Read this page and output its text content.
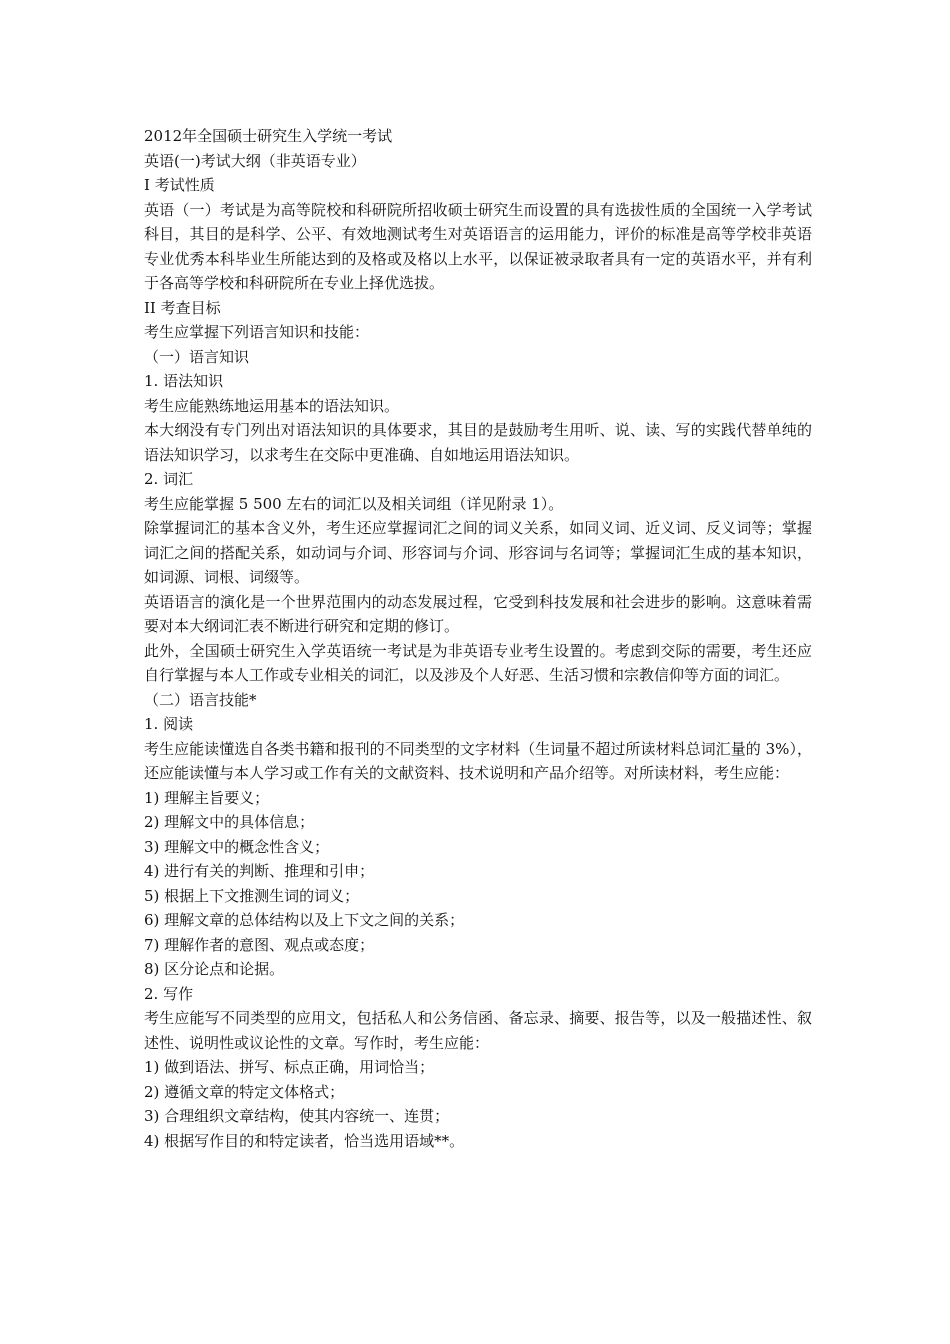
2012年全国硕士研究生入学统一考试

英语(一)考试大纲（非英语专业）

I 考试性质

英语（一）考试是为高等院校和科研院所招收硕士研究生而设置的具有选拔性质的全国统一入学考试科目，其目的是科学、公平、有效地测试考生对英语语言的运用能力，评价的标准是高等学校非英语专业优秀本科毕业生所能达到的及格或及格以上水平，以保证被录取者具有一定的英语水平，并有利于各高等学校和科研院所在专业上择优选拔。

II 考查目标

考生应掌握下列语言知识和技能：

（一）语言知识

1. 语法知识

考生应能熟练地运用基本的语法知识。

本大纲没有专门列出对语法知识的具体要求，其目的是鼓励考生用听、说、读、写的实践代替单纯的语法知识学习，以求考生在交际中更准确、自如地运用语法知识。

2. 词汇

考生应能掌握 5 500 左右的词汇以及相关词组（详见附录 1）。

除掌握词汇的基本含义外，考生还应掌握词汇之间的词义关系，如同义词、近义词、反义词等；掌握词汇之间的搭配关系，如动词与介词、形容词与介词、形容词与名词等；掌握词汇生成的基本知识，如词源、词根、词缀等。

英语语言的演化是一个世界范围内的动态发展过程，它受到科技发展和社会进步的影响。这意味着需要对本大纲词汇表不断进行研究和定期的修订。

此外，全国硕士研究生入学英语统一考试是为非英语专业考生设置的。考虑到交际的需要，考生还应自行掌握与本人工作或专业相关的词汇，以及涉及个人好恶、生活习惯和宗教信仰等方面的词汇。

（二）语言技能*

1. 阅读

考生应能读懂选自各类书籍和报刊的不同类型的文字材料（生词量不超过所读材料总词汇量的 3%），还应能读懂与本人学习或工作有关的文献资料、技术说明和产品介绍等。对所读材料，考生应能：

1) 理解主旨要义；

2) 理解文中的具体信息；

3) 理解文中的概念性含义；

4) 进行有关的判断、推理和引申；

5) 根据上下文推测生词的词义；

6) 理解文章的总体结构以及上下文之间的关系；

7) 理解作者的意图、观点或态度；

8) 区分论点和论据。

2. 写作

考生应能写不同类型的应用文，包括私人和公务信函、备忘录、摘要、报告等，以及一般描述性、叙述性、说明性或议论性的文章。写作时，考生应能：

1) 做到语法、拼写、标点正确，用词恰当；

2) 遵循文章的特定文体格式；

3) 合理组织文章结构，使其内容统一、连贯；

4) 根据写作目的和特定读者，恰当选用语域**。
